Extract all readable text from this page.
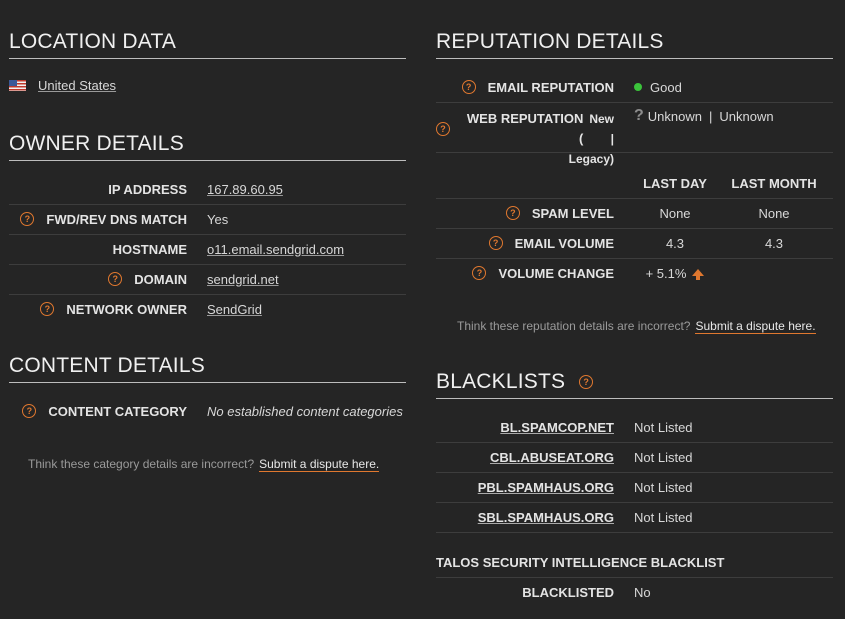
LOCATION DATA
United States
OWNER DETAILS
IP ADDRESS 167.89.60.95
?	FWD/REV DNS MATCH Yes
HOSTNAME o11.email.sendgrid.com
?	DOMAIN sendgrid.net
?	NETWORK OWNER SendGrid
CONTENT DETAILS
?	CONTENT CATEGORY No established content categories
Think these category details are incorrect? Submit a dispute here.
REPUTATION DETAILS
?	EMAIL REPUTATION	Good
?
WEB REPUTATION (
New |
Legacy)
? Unknown | Unknown
LAST DAY	LAST MONTH
?	SPAM LEVEL	None	None
?	EMAIL VOLUME	4.3	4.3
?	VOLUME CHANGE + 5.1%
Think these reputation details are incorrect? Submit a dispute here.
BLACKLISTS	?
BL.SPAMCOP.NET Not Listed
CBL.ABUSEAT.ORG Not Listed
PBL.SPAMHAUS.ORG Not Listed
SBL.SPAMHAUS.ORG Not Listed
TALOS SECURITY INTELLIGENCE BLACKLIST
BLACKLISTED No
